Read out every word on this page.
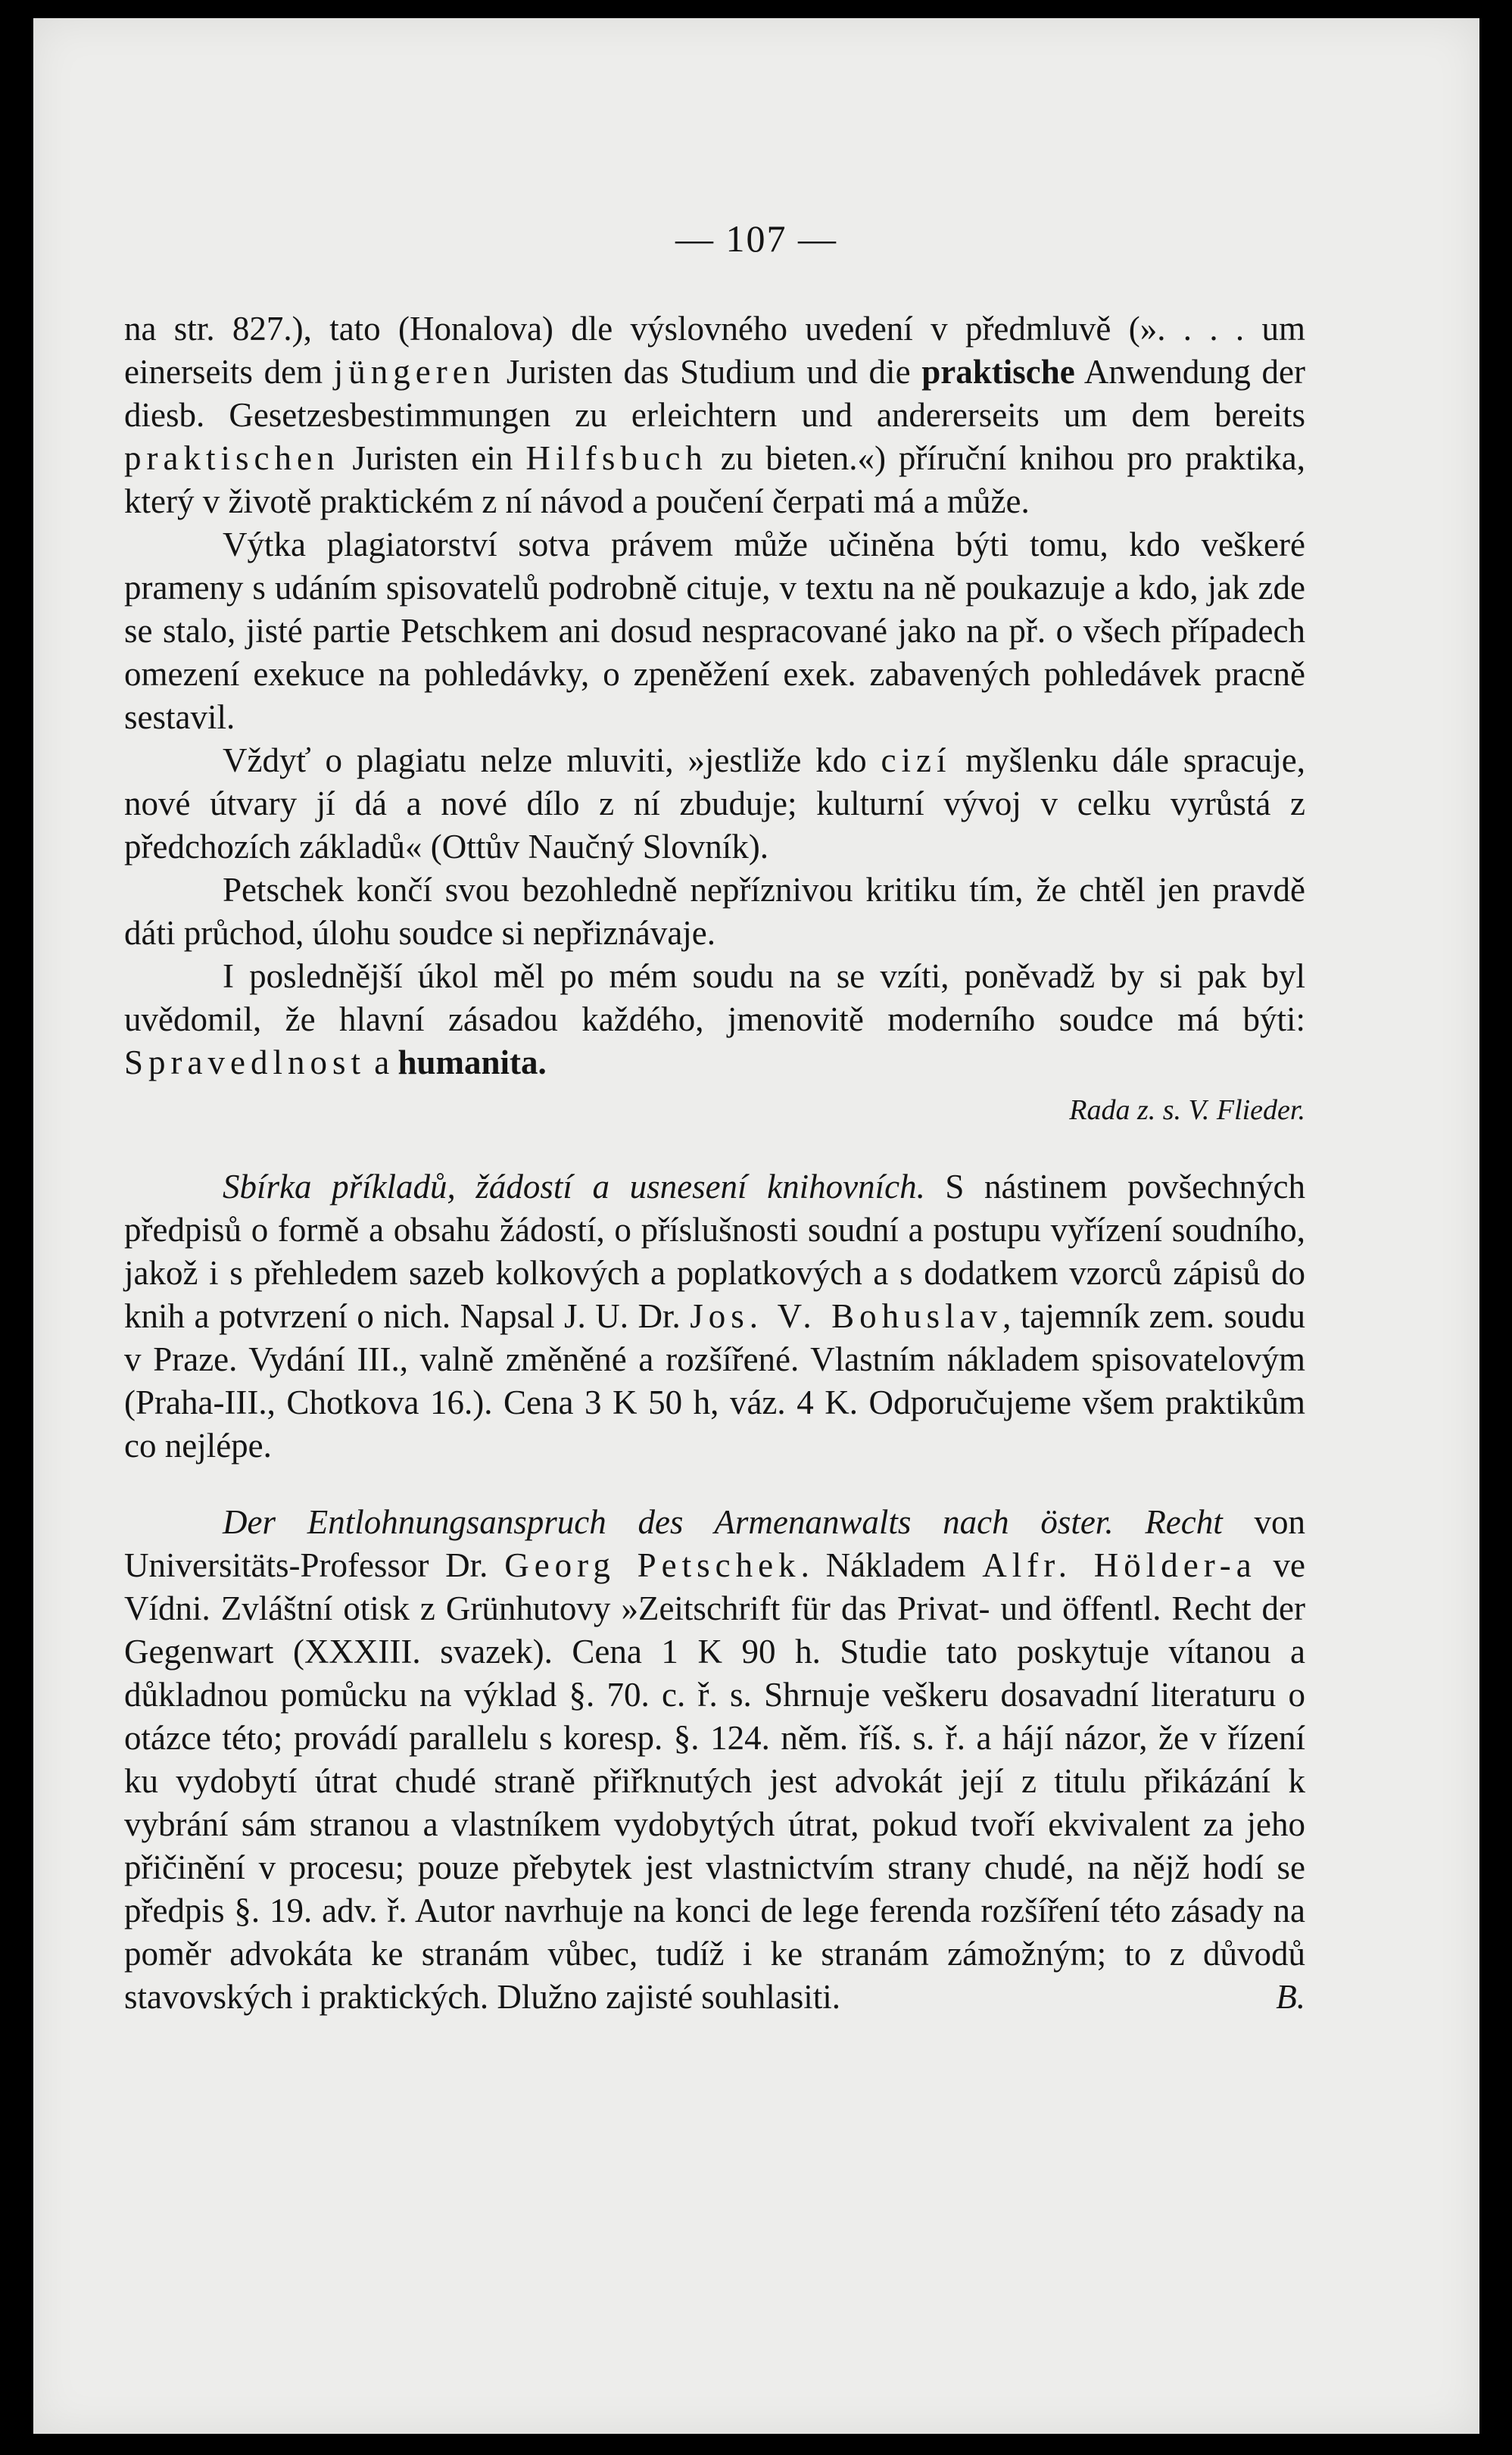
— 107 —

na str. 827.), tato (Honalova) dle výslovného uvedení v předmluvě (». . . . um einerseits dem jüngeren Juristen das Studium und die praktische Anwendung der diesb. Gesetzesbestimmungen zu erleichtern und andererseits um dem bereits praktischen Juristen ein Hilfsbuch zu bieten.«) příruční knihou pro praktika, který v životě praktickém z ní návod a poučení čerpati má a může.

Výtka plagiatorství sotva právem může učiněna býti tomu, kdo veškeré prameny s udáním spisovatelů podrobně cituje, v textu na ně poukazuje a kdo, jak zde se stalo, jisté partie Petschkem ani dosud nespracované jako na př. o všech případech omezení exekuce na pohledávky, o zpeněžení exek. zabavených pohledávek pracně sestavil.

Vždyť o plagiatu nelze mluviti, »jestliže kdo cizí myšlenku dále spracuje, nové útvary jí dá a nové dílo z ní zbuduje; kulturní vývoj v celku vyrůstá z předchozích základů« (Ottův Naučný Slovník).

Petschek končí svou bezohledně nepříznivou kritiku tím, že chtěl jen pravdě dáti průchod, úlohu soudce si nepřiznávaje.

I poslednější úkol měl po mém soudu na se vzíti, poněvadž by si pak byl uvědomil, že hlavní zásadou každého, jmenovitě moderního soudce má býti: Spravedlnost a humanita.

Rada z. s. V. Flieder.

Sbírka příkladů, žádostí a usnesení knihovních. S nástinem povšechných předpisů o formě a obsahu žádostí, o příslušnosti soudní a postupu vyřízení soudního, jakož i s přehledem sazeb kolkových a poplatkových a s dodatkem vzorců zápisů do knih a potvrzení o nich. Napsal J. U. Dr. Jos. V. Bohuslav, tajemník zem. soudu v Praze. Vydání III., valně změněné a rozšířené. Vlastním nákladem spisovatelovým (Praha-III., Chotkova 16.). Cena 3 K 50 h, váz. 4 K. Odporučujeme všem praktikům co nejlépe.

Der Entlohnungsanspruch des Armenanwalts nach öster. Recht von Universitäts-Professor Dr. Georg Petschek. Nákladem Alfr. Hölder-a ve Vídni. Zvláštní otisk z Grünhutovy »Zeitschrift für das Privat- und öffentl. Recht der Gegenwart (XXXIII. svazek). Cena 1 K 90 h. Studie tato poskytuje vítanou a důkladnou pomůcku na výklad §. 70. c. ř. s. Shrnuje veškeru dosavadní literaturu o otázce této; provádí parallelu s koresp. §. 124. něm. říš. s. ř. a hájí názor, že v řízení ku vydobytí útrat chudé straně přiřknutých jest advokát její z titulu přikázání k vybrání sám stranou a vlastníkem vydobytých útrat, pokud tvoří ekvivalent za jeho přičinění v procesu; pouze přebytek jest vlastnictvím strany chudé, na nějž hodí se předpis §. 19. adv. ř. Autor navrhuje na konci de lege ferenda rozšíření této zásady na poměr advokáta ke stranám vůbec, tudíž i ke stranám zámožným; to z důvodů stavovských i praktických. Dlužno zajisté souhlasiti.	B.
